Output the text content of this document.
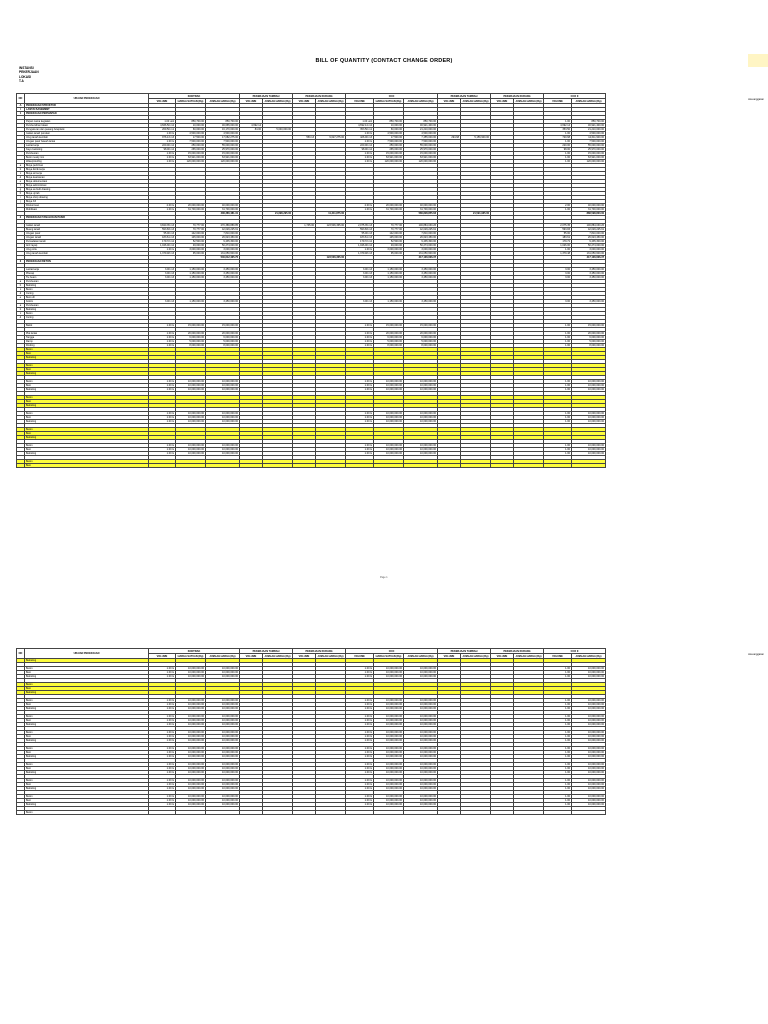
BILL OF QUANTITY (CONTACT CHANGE ORDER)
INSTANSI
PEKERJAAN
LOKASI
T.A
sisa anggaran
NO	URAIAN PEKERJAAN	KONTRAK			PEKERJAAN TAMBAH		PEKERJAAN KURANG		CCO			PEKERJAAN TAMBAH		PEKERJAAN KURANG		CCO II	
		VOLUME	HARGA SATUAN (Rp)	JUMLAH HARGA (Rp)	VOLUME	JUMLAH HARGA (Rp)	VOLUME	JUMLAH HARGA (Rp)	VOLUME	HARGA SATUAN (Rp)	JUMLAH HARGA (Rp)	VOLUME	JUMLAH HARGA (Rp)	VOLUME	JUMLAH HARGA (Rp)	VOLUME	JUMLAH HARGA (Rp)
A	PEKERJAAN STRUKTUR																
I	LANTAI BASEMENT																
1	PEKERJAAN PERSIAPAN																

	Papan nama kegiatan	1.00 unit	850,700.00	850,700.00					1.00 unit	850,700.00	850,700.00					1.00	850,700.00
	Pembersihan lokasi	4,666.50 m2	10,000.00	46,665,000.00	4,692.14				4,692.14 m2	10,000.00	46,921,400.00					4,692.14	46,921,400.00
	Pengukuran dan pasang bowplank	269.50 m1	60,000.00	16,170,000.00	84.00	5,040,000.00			353.50 m1	60,000.00	21,210,000.00					353.50	21,210,000.00
	Galian tanah pondasi	1.00 ls	4,500,000.00	4,500,000.00					1.00 ls	4,500,000.00	4,500,000.00					1.00	4,500,000.00
	Urug tanah kembali	976.13 m3	17,500.00	17,082,275.00			550.13	9,627,275.00	426.00 m3	17,500.00	7,455,000.00	294.68	5,156,900.00			720.68	12,611,900.00
	Urugan pasir bawah lantai	1.00 ls	7,500,000.00	7,500,000.00					1.00 ls	7,500,000.00	7,500,000.00					1.00	7,500,000.00
	Lantai kerja	220.00 m2	250,000.00	55,000,000.00					220.00 m2	250,000.00	55,000,000.00					220.00	55,000,000.00
	Kayu bekisting	98.00 m2	265,000.00	25,970,000.00					98.00 m2	265,000.00	25,970,000.00					98.00	25,970,000.00
	Pembesian	1.00 ls	15,000,000.00	15,000,000.00					1.00 ls	15,000,000.00	15,000,000.00					1.00	15,000,000.00
	Beton ready mix	1.00 ls	63,921,000.00	63,921,000.00					1.00 ls	63,921,000.00	63,921,000.00					1.00	63,921,000.00
	Waterproofing	1.00 ls	120,000,000.00	120,000,000.00					1.00 ls	120,000,000.00	120,000,000.00					1.00	120,000,000.00
a	Biaya perizinan																
b	Biaya listrik kerja																
c	Biaya air kerja																
d	Biaya keamanan																
e	Biaya dokumentasi																
f	Biaya administrasi																
g	Biaya as built drawing																
h	Biaya uji lab																
i	Biaya shop drawing																
j	Biaya K3																
	Direksi keet	2.00 ls	20,000,000.00	40,000,000.00					2.00 ls	20,000,000.00	40,000,000.00					2.00	40,000,000.00
	Mobilisasi	1.00 ls	31,700,000.00	31,700,000.00					1.00 ls	31,700,000.00	31,700,000.00					1.00	31,700,000.00
				408,386,481.31		21,698,295.00		11,211,875.00			586,828,855.63		21,591,965.00				888,598,800.00
2	PEKERJAAN TANAH DAN PASIR																

	Galian tanah	3,820.35 m3	70,777.00	270,389,889.85			1,745.00	123,506,365.00	2,075.35 m3	70,777.00	146,884,030.26					2,075.35	146,884,030.26
	Buang tanah	593.83 m3	70,777.00	42,029,225.91					593.83 m3	70,777.00	42,029,225.91					593.83	42,029,225.91
	Urugan pasir	55.00 m3	142,000.00	7,810,000.00					55.00 m3	142,000.00	7,810,000.00					55.00	7,810,000.00
	Urugan tanah	183.61 m3	145,000.00	26,623,450.00					183.61 m3	145,000.00	26,623,450.00					183.61	26,623,450.00
	Pemadatan tanah	179.72 m2	52,500.00	9,435,300.00					179.72 m2	52,500.00	9,435,300.00					179.72	9,435,300.00
	Anti rayap	1,026.00 m2	49,000.00	50,274,000.00					1,026.00 m2	49,000.00	50,274,000.00					1,026.00	50,274,000.00
	Urug sirtu	1.00 ls	3,000,000.00	3,000,000.00					1.00 ls	3,000,000.00	3,000,000.00					1.00	3,000,000.00
	Urug tanah kembali	1,379.48 m3	95,000.00	131,050,600.00					1,379.48 m3	95,000.00	131,050,600.00					1,379.48	131,050,600.00
				540,612,465.76				123,506,365.00			417,106,606.37						417,106,606.37
3	PEKERJAAN BETON																

	Lantai kerja	3.00 m3	1,150,000.00	3,450,000.00					3.00 m3	1,150,000.00	3,450,000.00					3.00	3,450,000.00
	Pilecap	3.00 m3	1,150,000.00	3,450,000.00					3.00 m3	1,150,000.00	3,450,000.00					3.00	3,450,000.00
	Tie beam	3.00 m3	1,150,000.00	3,450,000.00					3.00 m3	1,150,000.00	3,450,000.00					3.00	3,450,000.00
a	Pembesian																
b	Bekisting																
c	Beton																
d	Curing																
e	Besi ulir																
	Kolom	3.00 m3	1,150,000.00	3,450,000.00					3.00 m3	1,150,000.00	3,450,000.00					3.00	3,450,000.00
a	Pembesian																
b	Bekisting																
c	Beton																
d	Curing																

	Balok	1.00 ls	15,000,000.00	15,000,000.00					1.00 ls	15,000,000.00	15,000,000.00					1.00	15,000,000.00

	Plat lantai	1.00 ls	20,000,000.00	20,000,000.00					1.00 ls	20,000,000.00	20,000,000.00					1.00	20,000,000.00
	Tangga	1.00 ls	6,000,000.00	6,000,000.00					1.00 ls	6,000,000.00	6,000,000.00					1.00	6,000,000.00
	Ramp	1.00 ls	5,000,000.00	5,000,000.00					1.00 ls	5,000,000.00	5,000,000.00					1.00	5,000,000.00
	Dinding	1.00 ls	8,000,000.00	8,000,000.00					1.00 ls	8,000,000.00	8,000,000.00					1.00	8,000,000.00
	Beton																
	Besi																
	Bekisting																

	Beton																
	Besi																
	Bekisting																

	Beton	1.00 ls	10,000,000.00	10,000,000.00					1.00 ls	10,000,000.00	10,000,000.00					1.00	10,000,000.00
	Besi	1.00 ls	10,000,000.00	10,000,000.00					1.00 ls	10,000,000.00	10,000,000.00					1.00	10,000,000.00
	Bekisting	1.00 ls	10,000,000.00	10,000,000.00					1.00 ls	10,000,000.00	10,000,000.00					1.00	10,000,000.00

	Beton																
	Besi																
	Bekisting																

	Beton	1.00 ls	10,000,000.00	10,000,000.00					1.00 ls	10,000,000.00	10,000,000.00					1.00	10,000,000.00
	Besi	1.00 ls	10,000,000.00	10,000,000.00					1.00 ls	10,000,000.00	10,000,000.00					1.00	10,000,000.00
	Bekisting	1.00 ls	10,000,000.00	10,000,000.00					1.00 ls	10,000,000.00	10,000,000.00					1.00	10,000,000.00

	Beton																
	Besi																
	Bekisting																

	Beton	1.00 ls	10,000,000.00	10,000,000.00					1.00 ls	10,000,000.00	10,000,000.00					1.00	10,000,000.00
	Besi	1.00 ls	10,000,000.00	10,000,000.00					1.00 ls	10,000,000.00	10,000,000.00					1.00	10,000,000.00
	Bekisting	1.00 ls	10,000,000.00	10,000,000.00					1.00 ls	10,000,000.00	10,000,000.00					1.00	10,000,000.00

	Beton																
	Besi																
Page 1
sisa anggaran
NO	URAIAN PEKERJAAN	KONTRAK			PEKERJAAN TAMBAH		PEKERJAAN KURANG		CCO			PEKERJAAN TAMBAH		PEKERJAAN KURANG		CCO II	
		VOLUME	HARGA SATUAN (Rp)	JUMLAH HARGA (Rp)	VOLUME	JUMLAH HARGA (Rp)	VOLUME	JUMLAH HARGA (Rp)	VOLUME	HARGA SATUAN (Rp)	JUMLAH HARGA (Rp)	VOLUME	JUMLAH HARGA (Rp)	VOLUME	JUMLAH HARGA (Rp)	VOLUME	JUMLAH HARGA (Rp)
	Bekisting																

	Beton	1.00 ls	10,000,000.00	10,000,000.00					1.00 ls	10,000,000.00	10,000,000.00					1.00	10,000,000.00
	Besi	1.00 ls	10,000,000.00	10,000,000.00					1.00 ls	10,000,000.00	10,000,000.00					1.00	10,000,000.00
	Bekisting	1.00 ls	10,000,000.00	10,000,000.00					1.00 ls	10,000,000.00	10,000,000.00					1.00	10,000,000.00

	Beton																
	Besi																
	Bekisting																

	Beton	1.00 ls	10,000,000.00	10,000,000.00					1.00 ls	10,000,000.00	10,000,000.00					1.00	10,000,000.00
	Besi	1.00 ls	10,000,000.00	10,000,000.00					1.00 ls	10,000,000.00	10,000,000.00					1.00	10,000,000.00
	Bekisting	1.00 ls	10,000,000.00	10,000,000.00					1.00 ls	10,000,000.00	10,000,000.00					1.00	10,000,000.00

	Beton	1.00 ls	10,000,000.00	10,000,000.00					1.00 ls	10,000,000.00	10,000,000.00					1.00	10,000,000.00
	Besi	1.00 ls	10,000,000.00	10,000,000.00					1.00 ls	10,000,000.00	10,000,000.00					1.00	10,000,000.00
	Bekisting	1.00 ls	10,000,000.00	10,000,000.00					1.00 ls	10,000,000.00	10,000,000.00					1.00	10,000,000.00

	Beton	1.00 ls	10,000,000.00	10,000,000.00					1.00 ls	10,000,000.00	10,000,000.00					1.00	10,000,000.00
	Besi	1.00 ls	10,000,000.00	10,000,000.00					1.00 ls	10,000,000.00	10,000,000.00					1.00	10,000,000.00
	Bekisting	1.00 ls	10,000,000.00	10,000,000.00					1.00 ls	10,000,000.00	10,000,000.00					1.00	10,000,000.00

	Beton	1.00 ls	10,000,000.00	10,000,000.00					1.00 ls	10,000,000.00	10,000,000.00					1.00	10,000,000.00
	Besi	1.00 ls	10,000,000.00	10,000,000.00					1.00 ls	10,000,000.00	10,000,000.00					1.00	10,000,000.00
	Bekisting	1.00 ls	10,000,000.00	10,000,000.00					1.00 ls	10,000,000.00	10,000,000.00					1.00	10,000,000.00

	Beton	1.00 ls	10,000,000.00	10,000,000.00					1.00 ls	10,000,000.00	10,000,000.00					1.00	10,000,000.00
	Besi	1.00 ls	10,000,000.00	10,000,000.00					1.00 ls	10,000,000.00	10,000,000.00					1.00	10,000,000.00
	Bekisting	1.00 ls	10,000,000.00	10,000,000.00					1.00 ls	10,000,000.00	10,000,000.00					1.00	10,000,000.00

	Beton	1.00 ls	10,000,000.00	10,000,000.00					1.00 ls	10,000,000.00	10,000,000.00					1.00	10,000,000.00
	Besi	1.00 ls	10,000,000.00	10,000,000.00					1.00 ls	10,000,000.00	10,000,000.00					1.00	10,000,000.00
	Bekisting	1.00 ls	10,000,000.00	10,000,000.00					1.00 ls	10,000,000.00	10,000,000.00					1.00	10,000,000.00

	Beton	1.00 ls	10,000,000.00	10,000,000.00					1.00 ls	10,000,000.00	10,000,000.00					1.00	10,000,000.00
	Besi	1.00 ls	10,000,000.00	10,000,000.00					1.00 ls	10,000,000.00	10,000,000.00					1.00	10,000,000.00
	Bekisting	1.00 ls	10,000,000.00	10,000,000.00					1.00 ls	10,000,000.00	10,000,000.00					1.00	10,000,000.00

	Beton																
